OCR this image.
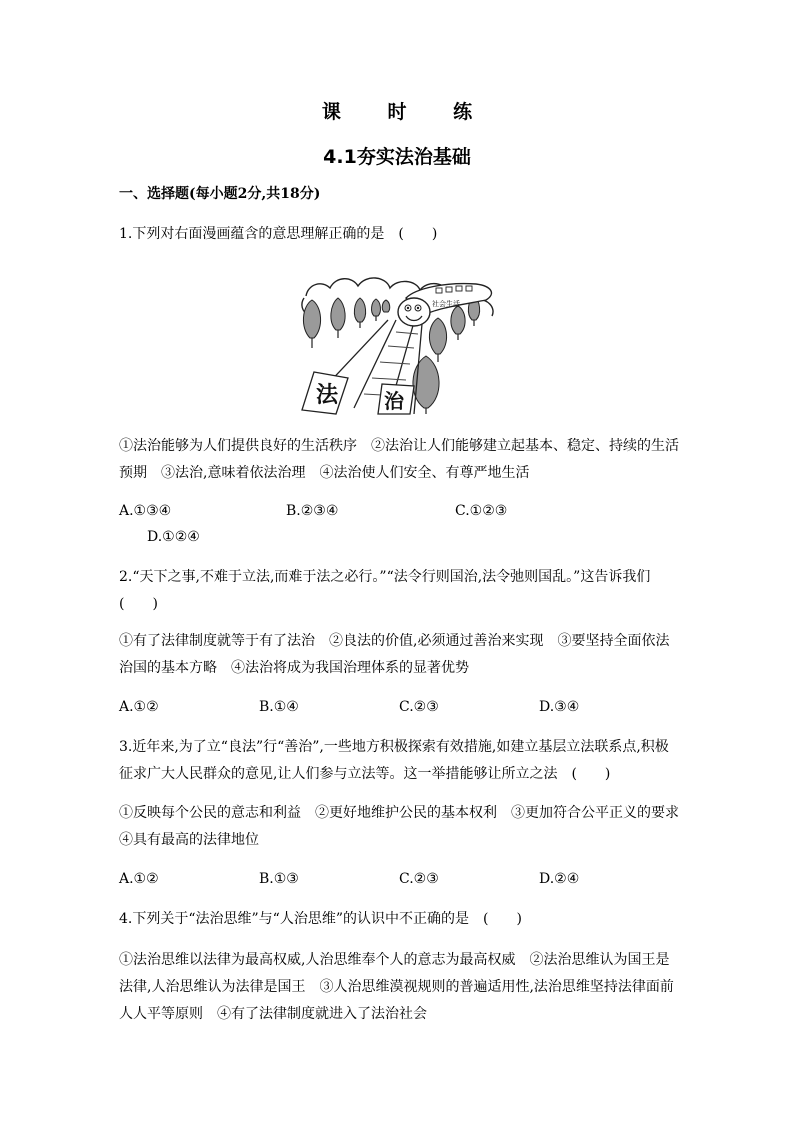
课 时 练
4.1夯实法治基础
一、选择题(每小题2分,共18分)
1.下列对右面漫画蕴含的意思理解正确的是　(　　)
法 治
社会生活
①法治能够为人们提供良好的生活秩序　②法治让人们能够建立起基本、稳定、持续的生活预期　③法治,意味着依法治理　④法治使人们安全、有尊严地生活
A.①③④	B.②③④	C.①②③
D.①②④
2.“天下之事,不难于立法,而难于法之必行。”“法令行则国治,法令弛则国乱。”这告诉我们　(　　)
①有了法律制度就等于有了法治　②良法的价值,必须通过善治来实现　③要坚持全面依法治国的基本方略　④法治将成为我国治理体系的显著优势
A.①②	B.①④	C.②③	D.③④
3.近年来,为了立“良法”行“善治”,一些地方积极探索有效措施,如建立基层立法联系点,积极征求广大人民群众的意见,让人们参与立法等。这一举措能够让所立之法　(　　)
①反映每个公民的意志和利益　②更好地维护公民的基本权利　③更加符合公平正义的要求　④具有最高的法律地位
A.①②	B.①③	C.②③	D.②④
4.下列关于“法治思维”与“人治思维”的认识中不正确的是　(　　)
①法治思维以法律为最高权威,人治思维奉个人的意志为最高权威　②法治思维认为国王是法律,人治思维认为法律是国王　③人治思维漠视规则的普遍适用性,法治思维坚持法律面前人人平等原则　④有了法律制度就进入了法治社会
